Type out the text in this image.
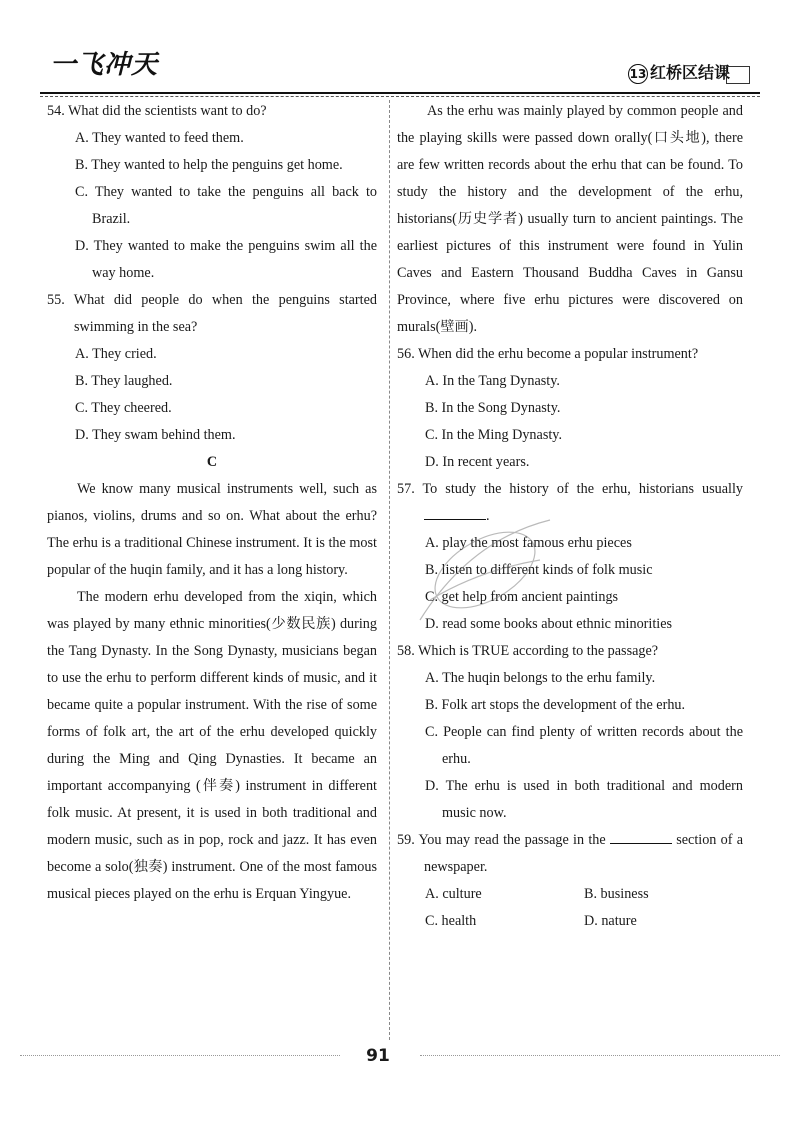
一飞冲天	13 红桥区结课

54. What did the scientists want to do?

A. They wanted to feed them.

B. They wanted to help the penguins get home.

C. They wanted to take the penguins all back to Brazil.

D. They wanted to make the penguins swim all the way home.

55. What did people do when the penguins started swimming in the sea?

A. They cried.

B. They laughed.

C. They cheered.

D. They swam behind them.

C

We know many musical instruments well, such as pianos, violins, drums and so on. What about the erhu? The erhu is a traditional Chinese instrument. It is the most popular of the huqin family, and it has a long history.

The modern erhu developed from the xiqin, which was played by many ethnic minorities(少数民族) during the Tang Dynasty. In the Song Dynasty, musicians began to use the erhu to perform different kinds of music, and it became quite a popular instrument. With the rise of some forms of folk art, the art of the erhu developed quickly during the Ming and Qing Dynasties. It became an important accompanying (伴奏) instrument in different folk music. At present, it is used in both traditional and modern music, such as in pop, rock and jazz. It has even become a solo(独奏) instrument. One of the most famous musical pieces played on the erhu is Erquan Yingyue.

As the erhu was mainly played by common people and the playing skills were passed down orally(口头地), there are few written records about the erhu that can be found. To study the history and the development of the erhu, historians(历史学者) usually turn to ancient paintings. The earliest pictures of this instrument were found in Yulin Caves and Eastern Thousand Buddha Caves in Gansu Province, where five erhu pictures were discovered on murals(壁画).

56. When did the erhu become a popular instrument?

A. In the Tang Dynasty.

B. In the Song Dynasty.

C. In the Ming Dynasty.

D. In recent years.

57. To study the history of the erhu, historians usually .

A. play the most famous erhu pieces

B. listen to different kinds of folk music

C. get help from ancient paintings

D. read some books about ethnic minorities

58. Which is TRUE according to the passage?

A. The huqin belongs to the erhu family.

B. Folk art stops the development of the erhu.

C. People can find plenty of written records about the erhu.

D. The erhu is used in both traditional and modern music now.

59. You may read the passage in the	section of a newspaper.

A. culture	B. business
C. health	D. nature
91
